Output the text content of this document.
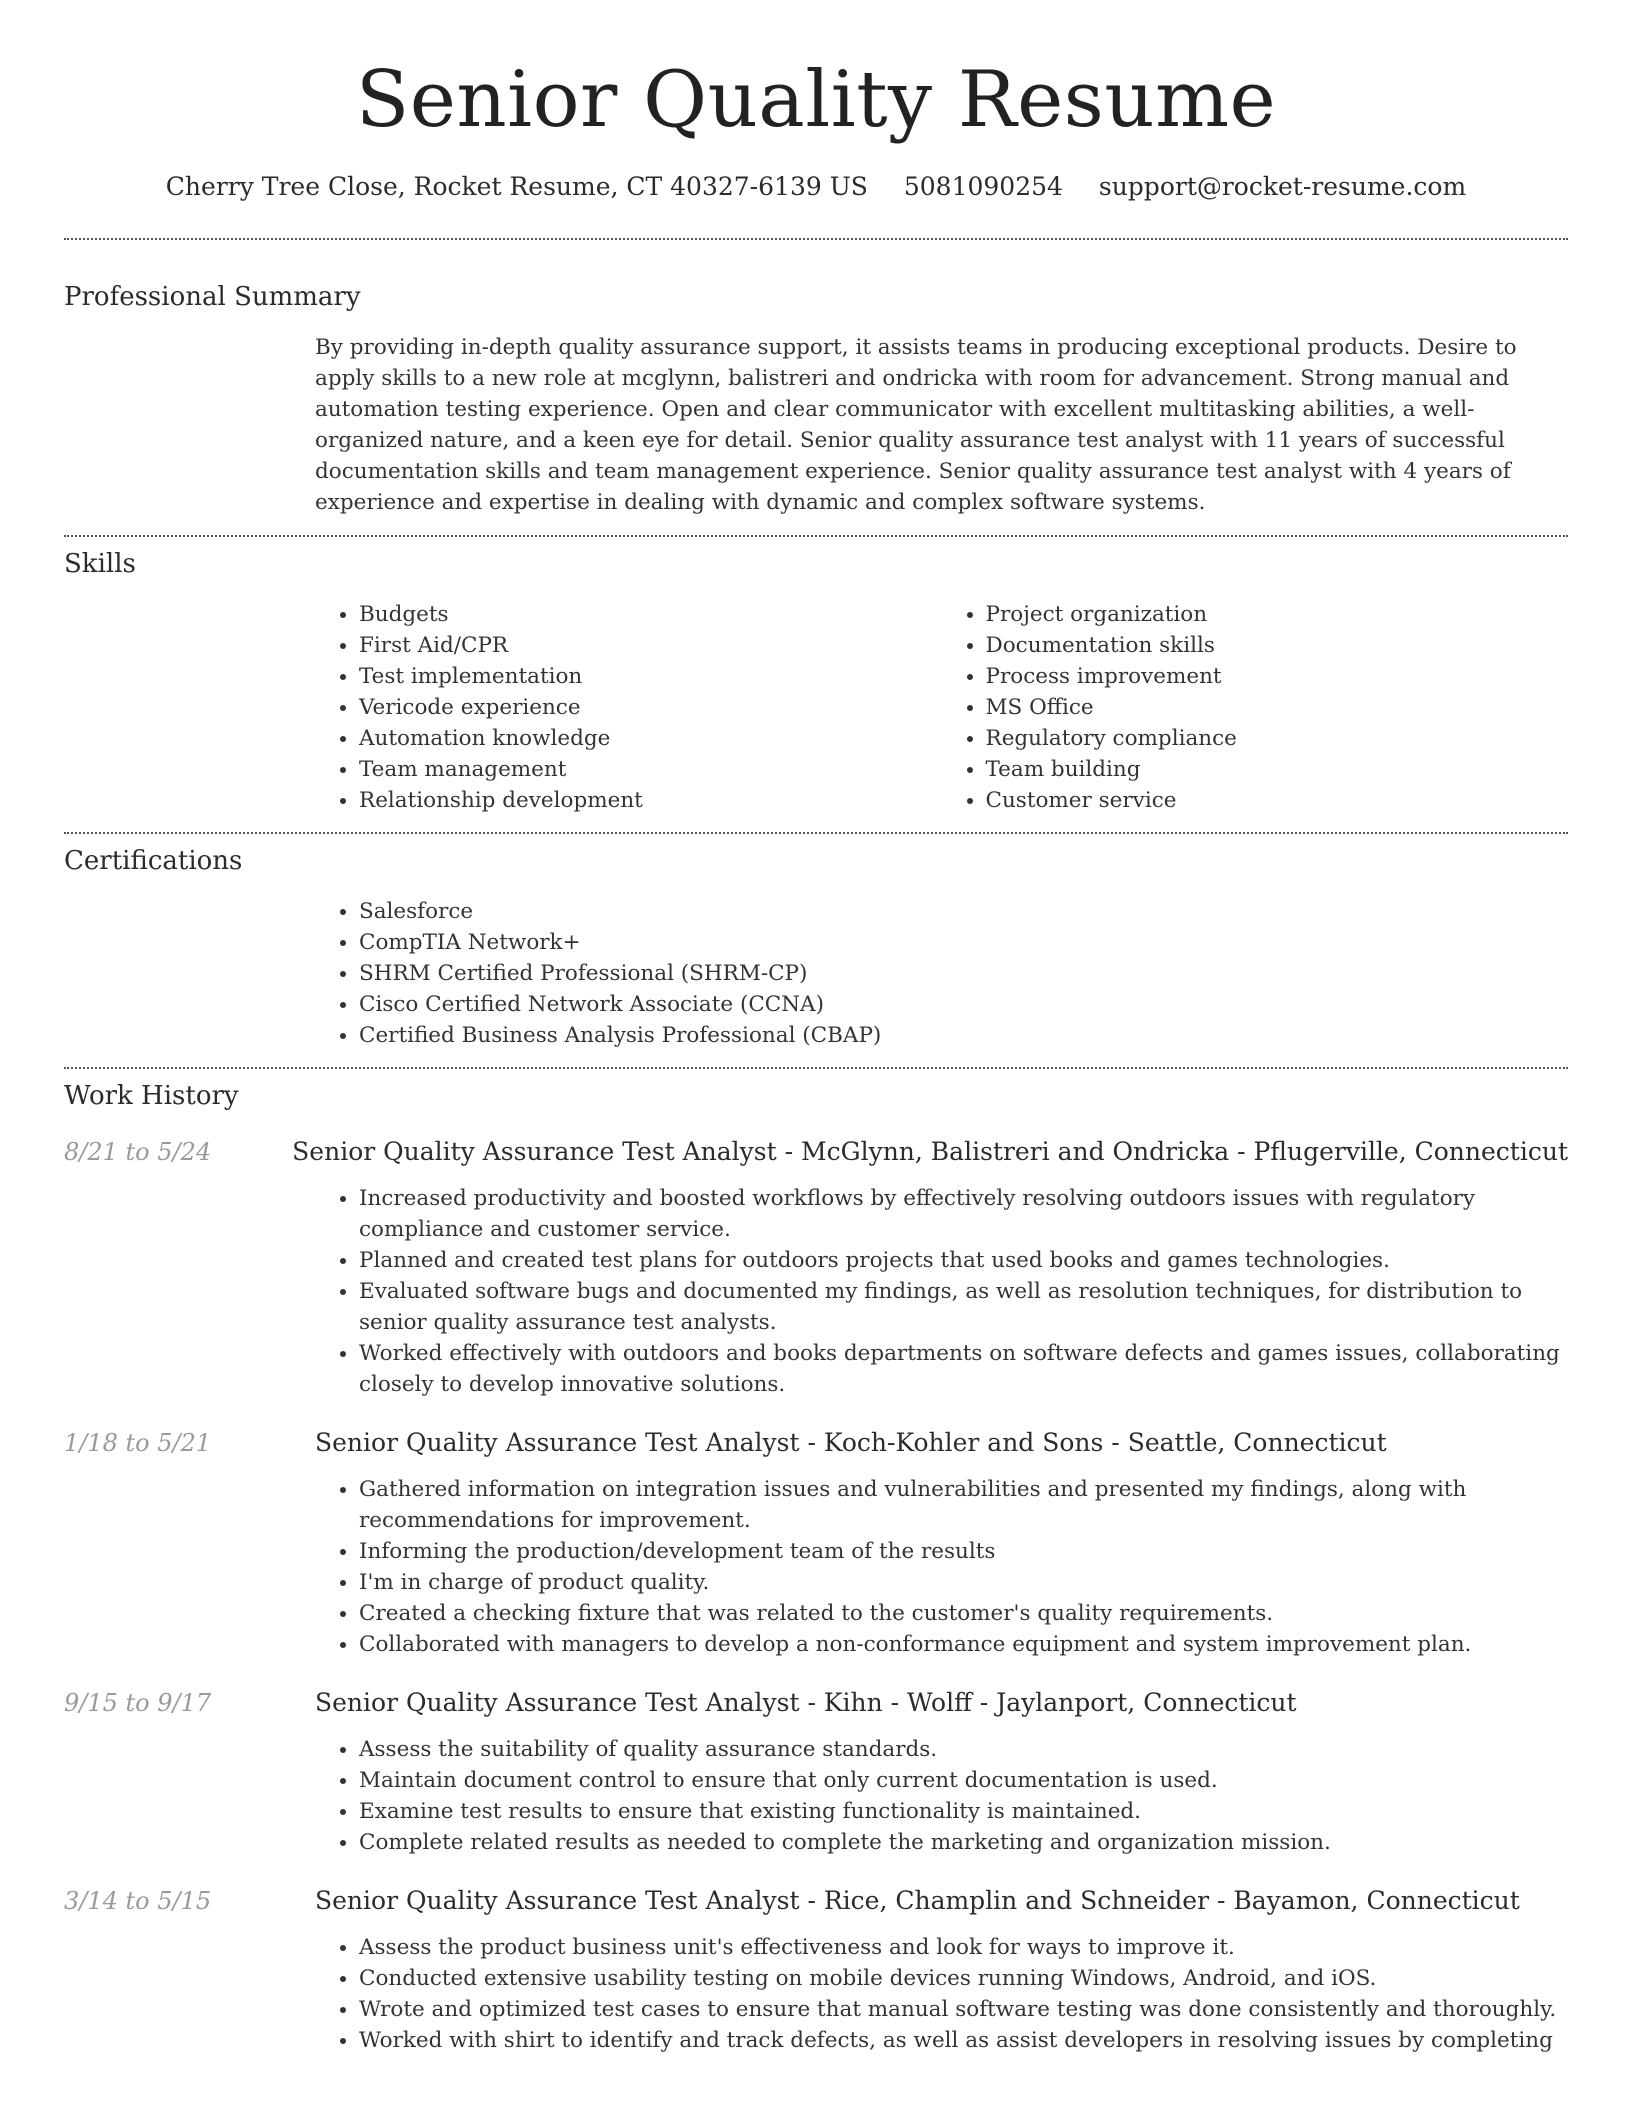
Senior Quality Resume
Cherry Tree Close, Rocket Resume, CT 40327-6139 US 5081090254 support@rocket-resume.com
Professional Summary

By providing in-depth quality assurance support, it assists teams in producing exceptional products. Desire to apply skills to a new role at mcglynn, balistreri and ondricka with room for advancement. Strong manual and automation testing experience. Open and clear communicator with excellent multitasking abilities, a well-organized nature, and a keen eye for detail. Senior quality assurance test analyst with 11 years of successful documentation skills and team management experience. Senior quality assurance test analyst with 4 years of experience and expertise in dealing with dynamic and complex software systems.

Skills
• Budgets
• First Aid/CPR
• Test implementation
• Vericode experience
• Automation knowledge
• Team management
• Relationship development
• Project organization
• Documentation skills
• Process improvement
• MS Office
• Regulatory compliance
• Team building
• Customer service
Certifications
• Salesforce
• CompTIA Network+
• SHRM Certified Professional (SHRM-CP)
• Cisco Certified Network Associate (CCNA)
• Certified Business Analysis Professional (CBAP)
Work History
8/21 to 5/24	Senior Quality Assurance Test Analyst - McGlynn, Balistreri and Ondricka - Pflugerville, Connecticut
• Increased productivity and boosted workflows by effectively resolving outdoors issues with regulatory compliance and customer service.
• Planned and created test plans for outdoors projects that used books and games technologies.
• Evaluated software bugs and documented my findings, as well as resolution techniques, for distribution to senior quality assurance test analysts.
• Worked effectively with outdoors and books departments on software defects and games issues, collaborating closely to develop innovative solutions.
1/18 to 5/21	Senior Quality Assurance Test Analyst - Koch-Kohler and Sons - Seattle, Connecticut
• Gathered information on integration issues and vulnerabilities and presented my findings, along with recommendations for improvement.
• Informing the production/development team of the results
• I'm in charge of product quality.
• Created a checking fixture that was related to the customer's quality requirements.
• Collaborated with managers to develop a non-conformance equipment and system improvement plan.
9/15 to 9/17	Senior Quality Assurance Test Analyst - Kihn - Wolff - Jaylanport, Connecticut
• Assess the suitability of quality assurance standards.
• Maintain document control to ensure that only current documentation is used.
• Examine test results to ensure that existing functionality is maintained.
• Complete related results as needed to complete the marketing and organization mission.
3/14 to 5/15	Senior Quality Assurance Test Analyst - Rice, Champlin and Schneider - Bayamon, Connecticut
• Assess the product business unit's effectiveness and look for ways to improve it.
• Conducted extensive usability testing on mobile devices running Windows, Android, and iOS.
• Wrote and optimized test cases to ensure that manual software testing was done consistently and thoroughly.
• Worked with shirt to identify and track defects, as well as assist developers in resolving issues by completing
